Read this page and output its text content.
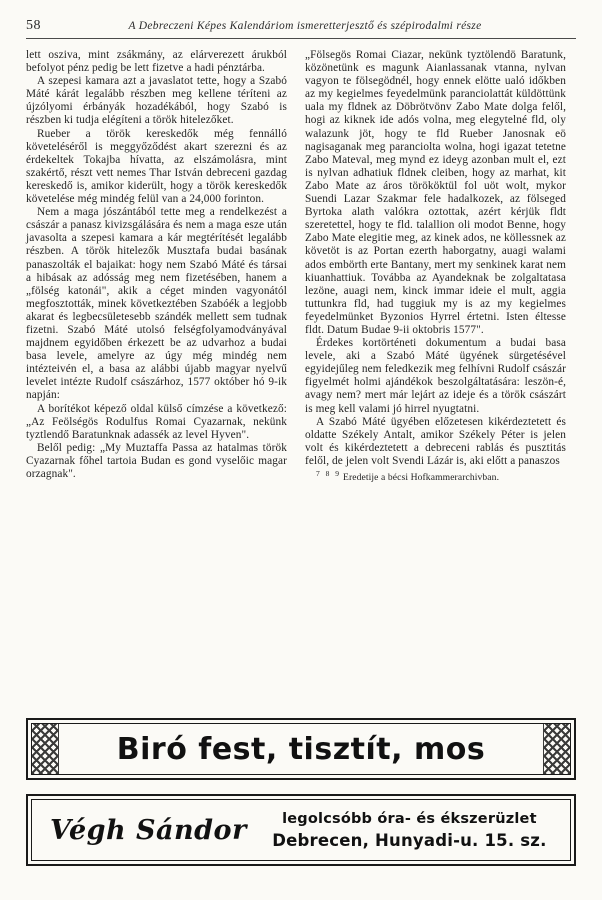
58	A Debreczeni Képes Kalendáriom ismeretterjesztő és szépirodalmi része

lett osziva, mint zsákmány, az elárverezett árukból befolyot pénz pedig be lett fizetve a hadi pénztárba.

A szepesi kamara azt a javaslatot tette, hogy a Szabó Máté kárát legalább részben meg kellene téríteni az újzólyomi érbányák hozadékából, hogy Szabó is részben ki tudja elégíteni a török hitelezőket.

Rueber a török kereskedők még fennálló követeléséről is meggyőződést akart szerezni és az érdekeltek Tokajba hívatta, az elszámolásra, mint szakértő, részt vett nemes Thar István debreceni gazdag kereskedő is, amikor kiderült, hogy a török kereskedők követelése még mindég felül van a 24,000 forinton.

Nem a maga jószántából tette meg a rendelkezést a császár a panasz kivizsgálására és nem a maga esze után javasolta a szepesi kamara a kár megtérítését legalább részben. A török hitelezők Musztafa budai basának panaszolták el bajaikat: hogy nem Szabó Máté és társai a hibásak az adósság meg nem fizetésében, hanem a „fölség katonái", akik a céget minden vagyonától megfosztották, minek következtében Szabóék a legjobb akarat és legbecsületesebb szándék mellett sem tudnak fizetni. Szabó Máté utolsó felségfolyamodványával majdnem egyidőben érkezett be az udvarhoz a budai basa levele, amelyre az úgy még mindég nem intézteivén el, a basa az alábbi újabb magyar nyelvű levelet intézte Rudolf császárhoz, 1577 október hó 9-ik napján:

A borítékot képező oldal külső címzése a következő: „Az Feölségös Rodulfus Romai Cyazarnak, nekünk tyztlendő Baratunknak adassék az level Hyven".

Belől pedig: „My Muztaffa Passa az hatalmas török Cyazarnak főhel tartoia Budan es gond vyselőic magar orzagnak".

„Fölsegös Romai Ciazar, nekünk tyztölendö Baratunk, közönetünk es magunk Aianlassanak vtanna, nylvan vagyon te fölsegödnél, hogy ennek elötte ualó időkben az my kegielmes feyedelmünk paranciolattát küldöttünk uala my fldnek az Döbrötvönv Zabo Mate dolga felől, hogi az kiknek ide adós volna, meg elegytelné fld, oly walazunk jöt, hogy te fld Rueber Janosnak eö nagisaganak meg paranciolta wolna, hogi igazat tetetne Zabo Mateval, meg mynd ez ideyg azonban mult el, ezt is nylvan adhatiuk fldnek cleiben, hogy az marhat, kit Zabo Mate az áros törököktül fol uöt wolt, mykor Suendi Lazar Szakmar fele hadalkozek, az fölseged Byrtoka alath valókra oztottak, azért kérjük fldt szeretettel, hogy te fld. talallion oli modot Benne, hogy Zabo Mate elegitie meg, az kinek ados, ne köllessnek az követöt is az Portan ezerth haborgatny, auagi walami ados embörth erte Bantany, mert my senkinek karat nem kiuanhattiuk. Továbba az Ayandeknak be zolgaltatasa lezöne, auagi nem, kinck immar ideie el mult, aggia tuttunkra fld, had tuggiuk my is az my kegielmes feyedelmünket Byzonios Hyrrel értetni. Isten éltesse fldt. Datum Budae 9-ii oktobris 1577".

Érdekes kortörténeti dokumentum a budai basa levele, aki a Szabó Máté ügyének sürgetésével egyidejűleg nem feledkezik meg felhívni Rudolf császár figyelmét holmi ajándékok beszolgáltatására: leszön-é, avagy nem? mert már lejárt az ideje és a török császárt is meg kell valami jó hirrel nyugtatni.

A Szabó Máté ügyében előzetesen kikérdeztetett és oldatte Székely Antalt, amikor Székely Péter is jelen volt és kikérdeztetett a debreceni rablás és pusztitás felől, de jelen volt Svendi Lázár is, aki előtt a panaszos

$^{7 8 9}$ Eredetije a bécsi Hofkammerarchivban.

Biró fest, tisztít, mos
Végh Sándor	legolcsóbb óra- és ékszerüzlet
Debrecen, Hunyadi-u. 15. sz.
